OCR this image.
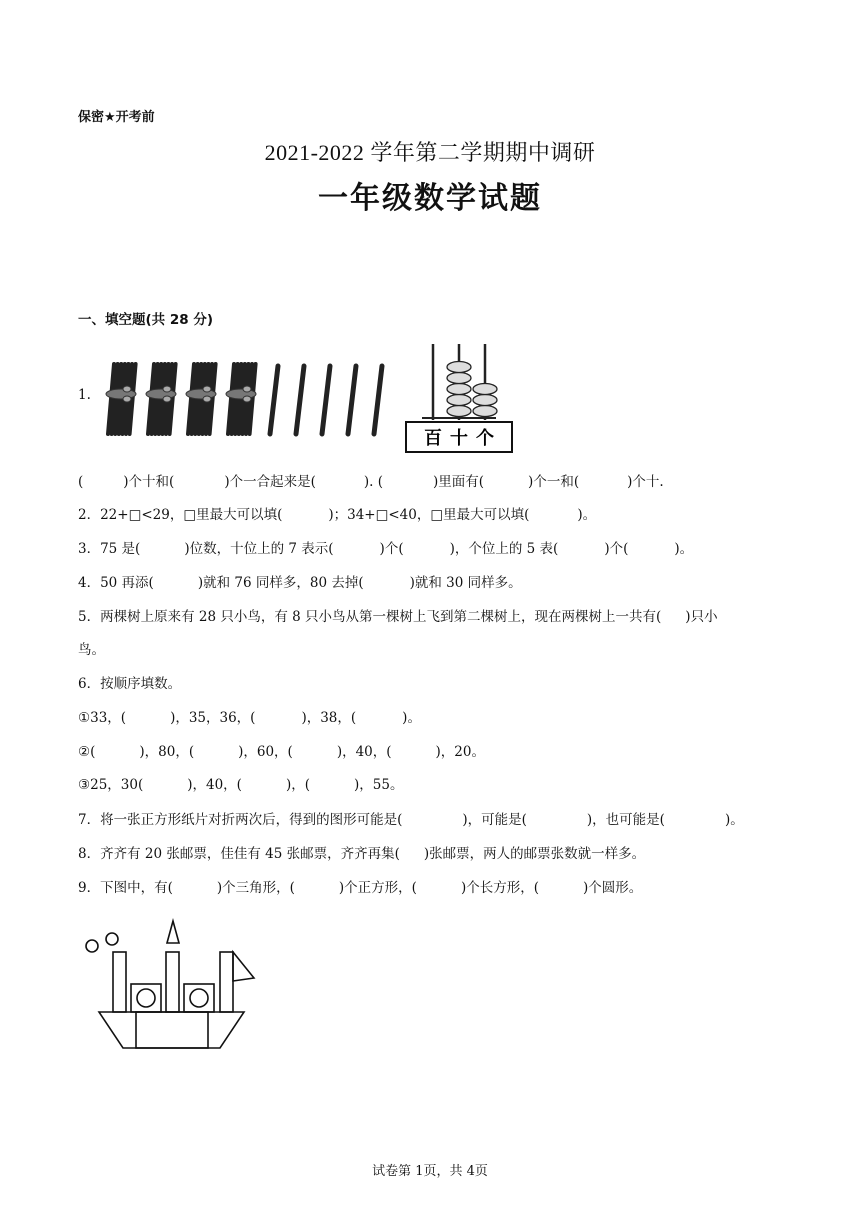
保密★开考前
2021-2022 学年第二学期期中调研
一年级数学试题
一、填空题(共 28 分)
1.
百 十 个
(	)个十和(	)个一合起来是(	). (	)里面有(	)个一和(	)个十.
2．22+□<29，□里最大可以填(	)；34+□<40，□里最大可以填(	)。
3．75 是(	)位数，十位上的 7 表示(	)个(	)，个位上的 5 表(	)个(	)。
4．50 再添(	)就和 76 同样多，80 去掉(	)就和 30 同样多。
5．两棵树上原来有 28 只小鸟，有 8 只小鸟从第一棵树上飞到第二棵树上，现在两棵树上一共有( )只小
鸟。
6．按顺序填数。
①33，(	)，35，36，(	)，38，(	)。
②(	)，80，(	)，60，(	)，40，(	)，20。
③25，30(	)，40，(	)，(	)，55。
7．将一张正方形纸片对折两次后，得到的图形可能是(	)，可能是(	)，也可能是(	)。
8．齐齐有 20 张邮票，佳佳有 45 张邮票，齐齐再集( )张邮票，两人的邮票张数就一样多。
9．下图中，有(	)个三角形，(	)个正方形，(	)个长方形，(	)个圆形。
试卷第 1页，共 4页
